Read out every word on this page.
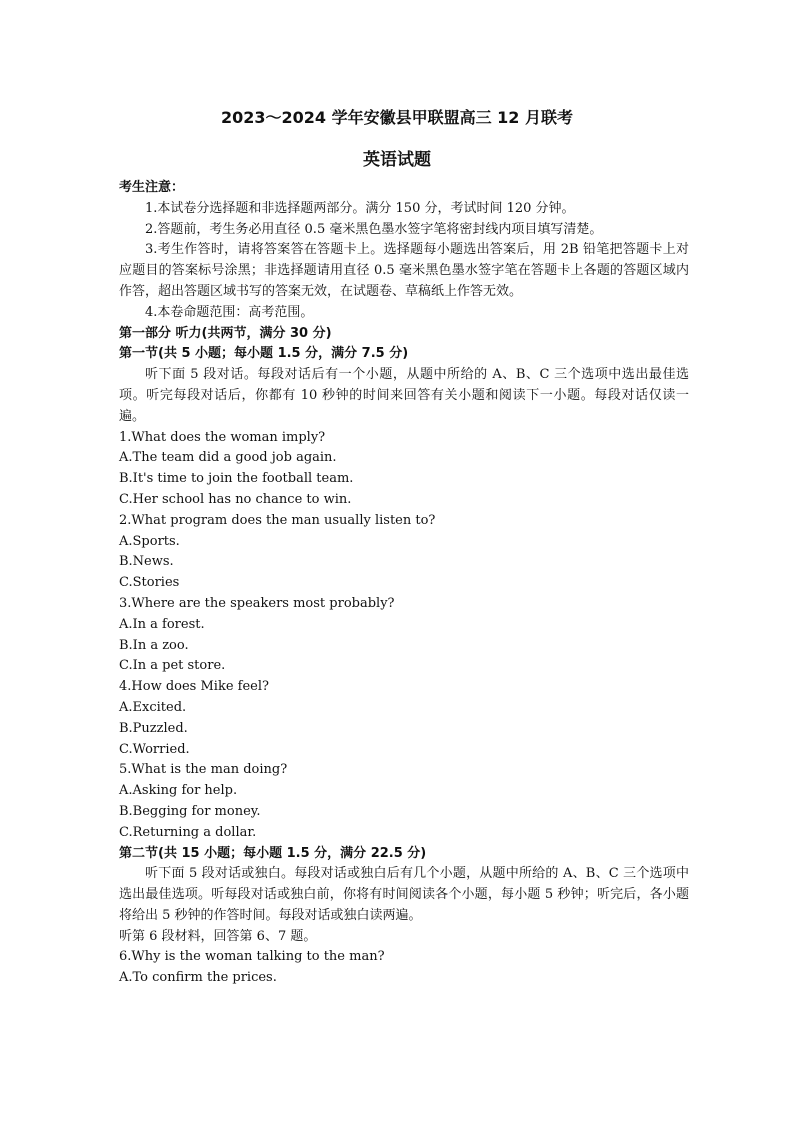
2023～2024 学年安徽县甲联盟高三 12 月联考

英语试题

考生注意：

1.本试卷分选择题和非选择题两部分。满分 150 分，考试时间 120 分钟。

2.答题前，考生务必用直径 0.5 毫米黑色墨水签字笔将密封线内项目填写清楚。

3.考生作答时，请将答案答在答题卡上。选择题每小题选出答案后，用 2B 铅笔把答题卡上对应题目的答案标号涂黑；非选择题请用直径 0.5 毫米黑色墨水签字笔在答题卡上各题的答题区域内作答，超出答题区域书写的答案无效，在试题卷、草稿纸上作答无效。

4.本卷命题范围：高考范围。

第一部分 听力(共两节，满分 30 分)

第一节(共 5 小题；每小题 1.5 分，满分 7.5 分)

听下面 5 段对话。每段对话后有一个小题，从题中所给的 A、B、C 三个选项中选出最佳选项。听完每段对话后，你都有 10 秒钟的时间来回答有关小题和阅读下一小题。每段对话仅读一遍。

1.What does the woman imply?

A.The team did a good job again.

B.It's time to join the football team.

C.Her school has no chance to win.

2.What program does the man usually listen to?

A.Sports.

B.News.

C.Stories

3.Where are the speakers most probably?

A.In a forest.

B.In a zoo.

C.In a pet store.

4.How does Mike feel?

A.Excited.

B.Puzzled.

C.Worried.

5.What is the man doing?

A.Asking for help.

B.Begging for money.

C.Returning a dollar.

第二节(共 15 小题；每小题 1.5 分，满分 22.5 分)

听下面 5 段对话或独白。每段对话或独白后有几个小题，从题中所给的 A、B、C 三个选项中选出最佳选项。听每段对话或独白前，你将有时间阅读各个小题，每小题 5 秒钟；听完后，各小题将给出 5 秒钟的作答时间。每段对话或独白读两遍。

听第 6 段材料，回答第 6、7 题。

6.Why is the woman talking to the man?

A.To confirm the prices.
